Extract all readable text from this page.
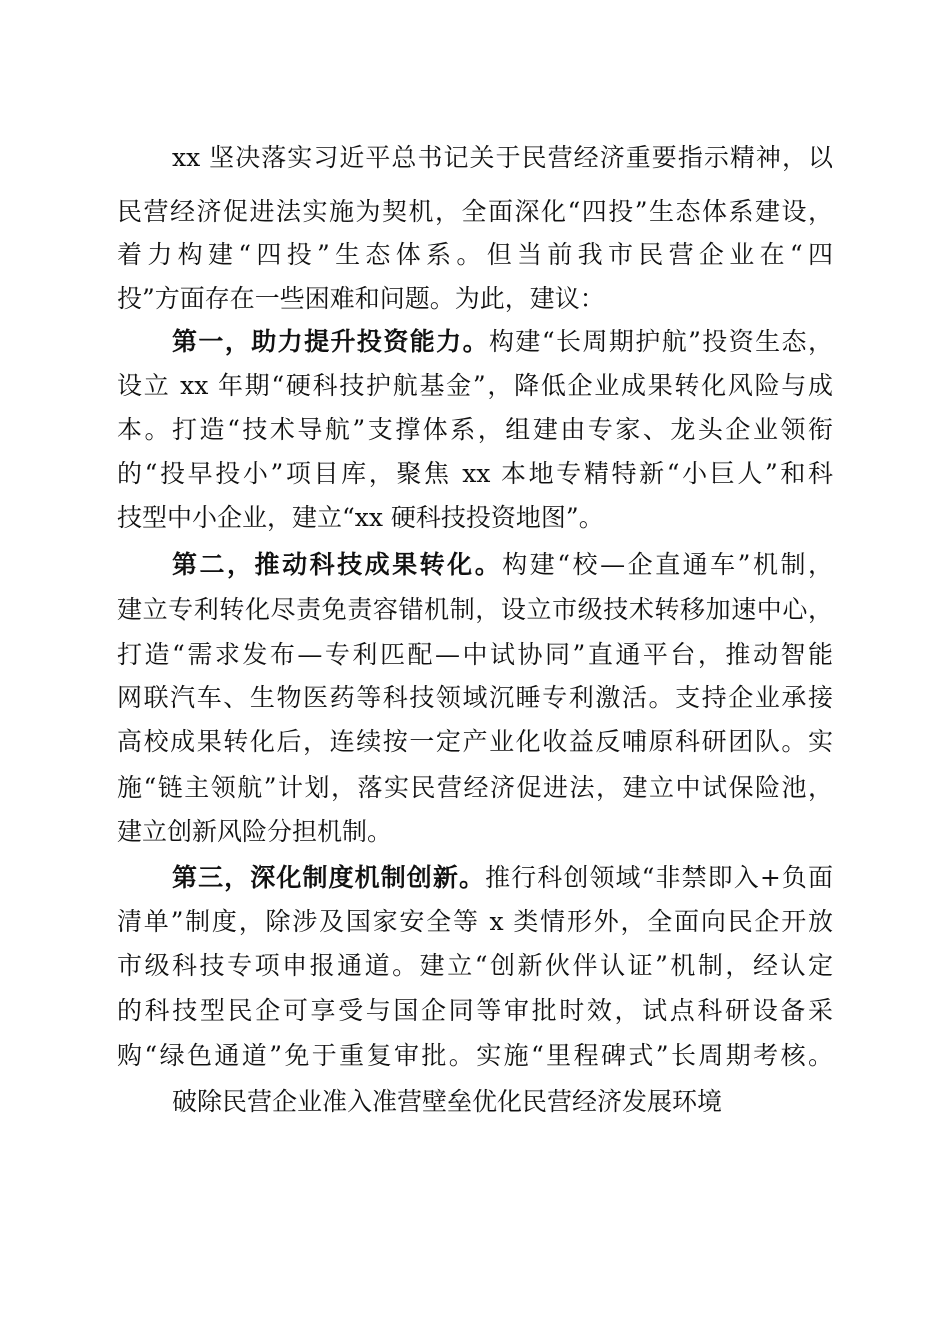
xx 坚决落实习近平总书记关于民营经济重要指示精神，以
民营经济促进法实施为契机，全面深化“四投”生态体系建设，
着力构建“四投”生态体系。但当前我市民营企业在“四
投”方面存在一些困难和问题。为此，建议：
第一，助力提升投资能力。构建“长周期护航”投资生态，
设立 xx 年期“硬科技护航基金”，降低企业成果转化风险与成
本。打造“技术导航”支撑体系，组建由专家、龙头企业领衔
的“投早投小”项目库，聚焦 xx 本地专精特新“小巨人”和科
技型中小企业，建立“xx 硬科技投资地图”。
第二，推动科技成果转化。构建“校—企直通车”机制，
建立专利转化尽责免责容错机制，设立市级技术转移加速中心，
打造“需求发布—专利匹配—中试协同”直通平台，推动智能
网联汽车、生物医药等科技领域沉睡专利激活。支持企业承接
高校成果转化后，连续按一定产业化收益反哺原科研团队。实
施“链主领航”计划，落实民营经济促进法，建立中试保险池，
建立创新风险分担机制。
第三，深化制度机制创新。推行科创领域“非禁即入+负面
清单”制度，除涉及国家安全等 x 类情形外，全面向民企开放
市级科技专项申报通道。建立“创新伙伴认证”机制，经认定
的科技型民企可享受与国企同等审批时效，试点科研设备采
购“绿色通道”免于重复审批。实施“里程碑式”长周期考核。
破除民营企业准入准营壁垒优化民营经济发展环境
